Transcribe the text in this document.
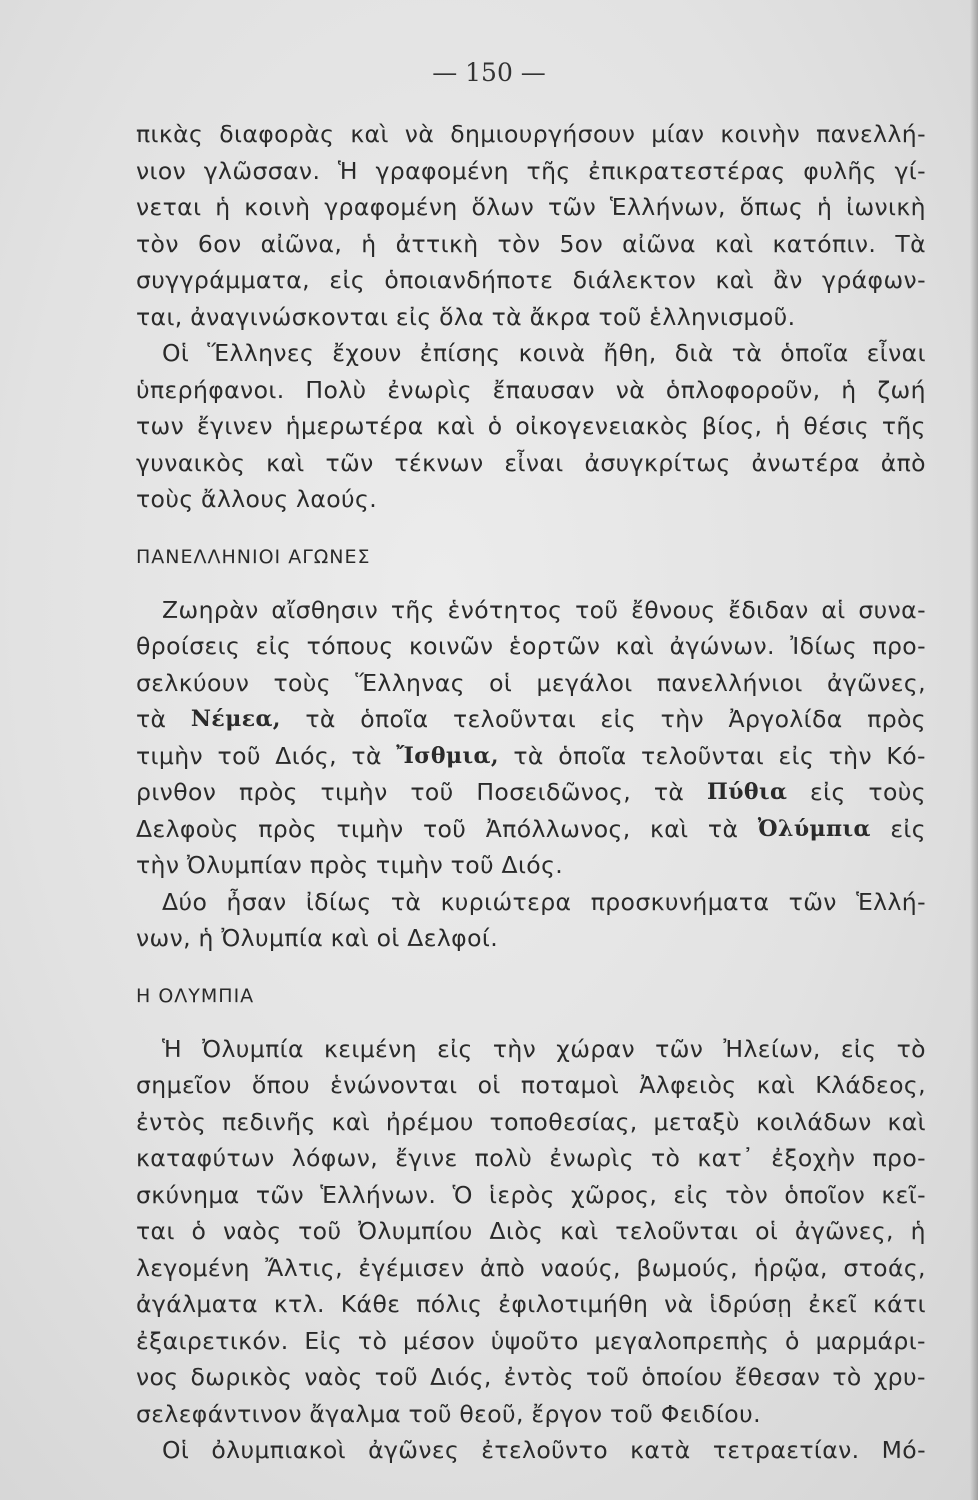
— 150 —
πικὰς διαφορὰς καὶ νὰ δημιουργήσουν μίαν κοινὴν πανελλή-
νιον γλῶσσαν. Ἡ γραφομένη τῆς ἐπικρατεστέρας φυλῆς γί-
νεται ἡ κοινὴ γραφομένη ὅλων τῶν Ἑλλήνων, ὅπως ἡ ἰωνικὴ
τὸν 6ον αἰῶνα, ἡ ἀττικὴ τὸν 5ον αἰῶνα καὶ κατόπιν. Τὰ
συγγράμματα, εἰς ὁποιανδήποτε διάλεκτον καὶ ἂν γράφων-
ται, ἀναγινώσκονται εἰς ὅλα τὰ ἄκρα τοῦ ἑλληνισμοῦ.
Οἱ Ἕλληνες ἔχουν ἐπίσης κοινὰ ἤθη, διὰ τὰ ὁποῖα εἶναι
ὑπερήφανοι. Πολὺ ἐνωρὶς ἔπαυσαν νὰ ὁπλοφοροῦν, ἡ ζωή
των ἔγινεν ἡμερωτέρα καὶ ὁ οἰκογενειακὸς βίος, ἡ θέσις τῆς
γυναικὸς καὶ τῶν τέκνων εἶναι ἀσυγκρίτως ἀνωτέρα ἀπὸ
τοὺς ἄλλους λαούς.
ΠΑΝΕΛΛΗΝΙΟΙ ΑΓΩΝΕΣ
Ζωηρὰν αἴσθησιν τῆς ἑνότητος τοῦ ἔθνους ἔδιδαν αἱ συνα-
θροίσεις εἰς τόπους κοινῶν ἑορτῶν καὶ ἀγώνων. Ἰδίως προ-
σελκύουν τοὺς Ἕλληνας οἱ μεγάλοι πανελλήνιοι ἀγῶνες,
τὰ Νέμεα, τὰ ὁποῖα τελοῦνται εἰς τὴν Ἀργολίδα πρὸς
τιμὴν τοῦ Διός, τὰ Ἴσθμια, τὰ ὁποῖα τελοῦνται εἰς τὴν Κό-
ρινθον πρὸς τιμὴν τοῦ Ποσειδῶνος, τὰ Πύθια εἰς τοὺς
Δελφοὺς πρὸς τιμὴν τοῦ Ἀπόλλωνος, καὶ τὰ Ὀλύμπια εἰς
τὴν Ὀλυμπίαν πρὸς τιμὴν τοῦ Διός.
Δύο ἦσαν ἰδίως τὰ κυριώτερα προσκυνήματα τῶν Ἑλλή-
νων, ἡ Ὀλυμπία καὶ οἱ Δελφοί.
Η ΟΛΥΜΠΙΑ
Ἡ Ὀλυμπία κειμένη εἰς τὴν χώραν τῶν Ἠλείων, εἰς τὸ
σημεῖον ὅπου ἑνώνονται οἱ ποταμοὶ Ἀλφειὸς καὶ Κλάδεος,
ἐντὸς πεδινῆς καὶ ἠρέμου τοποθεσίας, μεταξὺ κοιλάδων καὶ
καταφύτων λόφων, ἔγινε πολὺ ἐνωρὶς τὸ κατ᾽ ἐξοχὴν προ-
σκύνημα τῶν Ἑλλήνων. Ὁ ἱερὸς χῶρος, εἰς τὸν ὁποῖον κεῖ-
ται ὁ ναὸς τοῦ Ὀλυμπίου Διὸς καὶ τελοῦνται οἱ ἀγῶνες, ἡ
λεγομένη Ἄλτις, ἐγέμισεν ἀπὸ ναούς, βωμούς, ἡρῷα, στοάς,
ἀγάλματα κτλ. Κάθε πόλις ἐφιλοτιμήθη νὰ ἱδρύσῃ ἐκεῖ κάτι
ἐξαιρετικόν. Εἰς τὸ μέσον ὑψοῦτο μεγαλοπρεπὴς ὁ μαρμάρι-
νος δωρικὸς ναὸς τοῦ Διός, ἐντὸς τοῦ ὁποίου ἔθεσαν τὸ χρυ-
σελεφάντινον ἄγαλμα τοῦ θεοῦ, ἔργον τοῦ Φειδίου.
Οἱ ὀλυμπιακοὶ ἀγῶνες ἐτελοῦντο κατὰ τετραετίαν. Μό-
